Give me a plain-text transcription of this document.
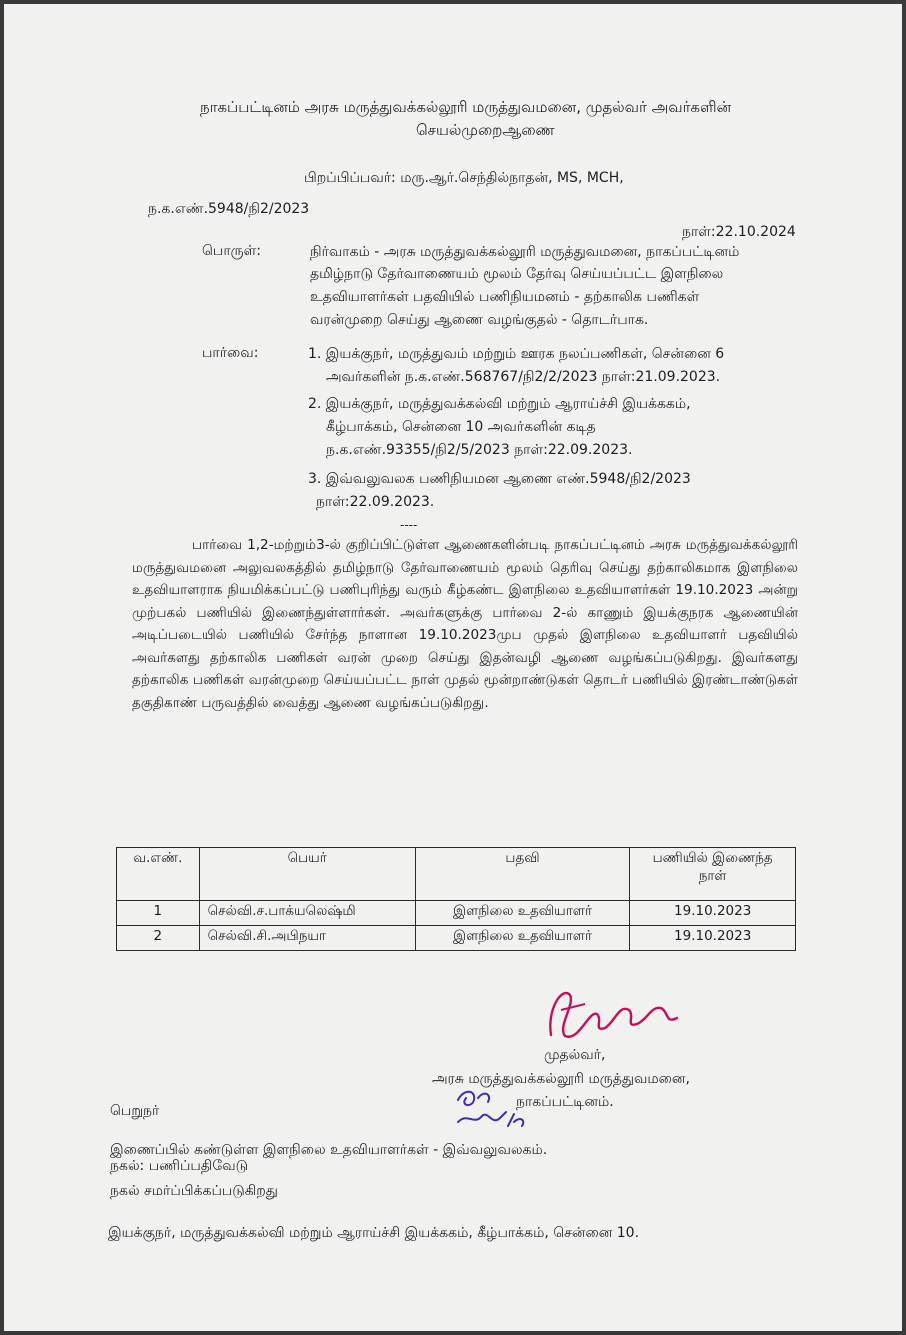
நாகப்பட்டினம் அரசு மருத்துவக்கல்லூரி மருத்துவமனை, முதல்வர் அவர்களின்
செயல்முறைஆணை
பிறப்பிப்பவர்: மரு.ஆர்.செந்தில்நாதன், MS, MCH,
ந.க.எண்.5948/நி2/2023
நாள்:22.10.2024
பொருள்:	நிர்வாகம் - அரசு மருத்துவக்கல்லூரி மருத்துவமனை, நாகப்பட்டினம்
தமிழ்நாடு தேர்வாணையம் மூலம் தேர்வு செய்யப்பட்ட இளநிலை
உதவியாளர்கள் பதவியில் பணிநியமனம் - தற்காலிக பணிகள்
வரன்முறை செய்து ஆணை வழங்குதல் - தொடர்பாக.
பார்வை:	1. இயக்குநர், மருத்துவம் மற்றும் ஊரக நலப்பணிகள், சென்னை 6
அவர்களின் ந.க.எண்.568767/நி2/2/2023 நாள்:21.09.2023.
2. இயக்குநர், மருத்துவக்கல்வி மற்றும் ஆராய்ச்சி இயக்ககம்,
கீழ்பாக்கம், சென்னை 10 அவர்களின் கடித
ந.க.எண்.93355/நி2/5/2023 நாள்:22.09.2023.
3. இவ்வலுவலக பணிநியமன ஆணை எண்.5948/நி2/2023
நாள்:22.09.2023.
----

பார்வை 1,2-மற்றும்3-ல் குறிப்பிட்டுள்ள ஆணைகளின்படி நாகப்பட்டினம் அரசு மருத்துவக்கல்லூரி மருத்துவமனை அலுவலகத்தில் தமிழ்நாடு தேர்வாணையம் மூலம் தெரிவு செய்து தற்காலிகமாக இளநிலை உதவியாளராக நியமிக்கப்பட்டு பணிபுரிந்து வரும் கீழ்கண்ட இளநிலை உதவியாளர்கள் 19.10.2023 அன்று முற்பகல் பணியில் இணைந்துள்ளார்கள். அவர்களுக்கு பார்வை 2-ல் காணும் இயக்குநரக ஆணையின் அடிப்படையில் பணியில் சேர்ந்த நாளான 19.10.2023முப முதல் இளநிலை உதவியாளர் பதவியில் அவர்களது தற்காலிக பணிகள் வரன் முறை செய்து இதன்வழி ஆணை வழங்கப்படுகிறது. இவர்களது தற்காலிக பணிகள் வரன்முறை செய்யப்பட்ட நாள் முதல் மூன்றாண்டுகள் தொடர் பணியில் இரண்டாண்டுகள் தகுதிகாண் பருவத்தில் வைத்து ஆணை வழங்கப்படுகிறது.

வ.எண்.	பெயர்	பதவி	பணியில் இணைந்த நாள்
1	செல்வி.ச.பாக்யலெஷ்மி	இளநிலை உதவியாளர்	19.10.2023
2	செல்வி.சி.அபிநயா	இளநிலை உதவியாளர்	19.10.2023
முதல்வர்,
அரசு மருத்துவக்கல்லூரி மருத்துவமனை,
நாகப்பட்டினம்.
பெறுநர்
இணைப்பில் கண்டுள்ள இளநிலை உதவியாளர்கள் - இவ்வலுவலகம்.
நகல்: பணிப்பதிவேடு
நகல் சமர்ப்பிக்கப்படுகிறது
இயக்குநர், மருத்துவக்கல்வி மற்றும் ஆராய்ச்சி இயக்ககம், கீழ்பாக்கம், சென்னை 10.
